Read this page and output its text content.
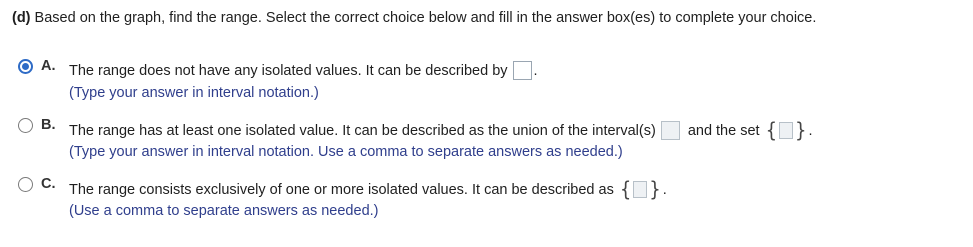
(d) Based on the graph, find the range. Select the correct choice below and fill in the answer box(es) to complete your choice.
A. The range does not have any isolated values. It can be described by .
(Type your answer in interval notation.)
B. The range has at least one isolated value. It can be described as the union of the interval(s) and the set { } .
(Type your answer in interval notation. Use a comma to separate answers as needed.)
C. The range consists exclusively of one or more isolated values. It can be described as { } .
(Use a comma to separate answers as needed.)
